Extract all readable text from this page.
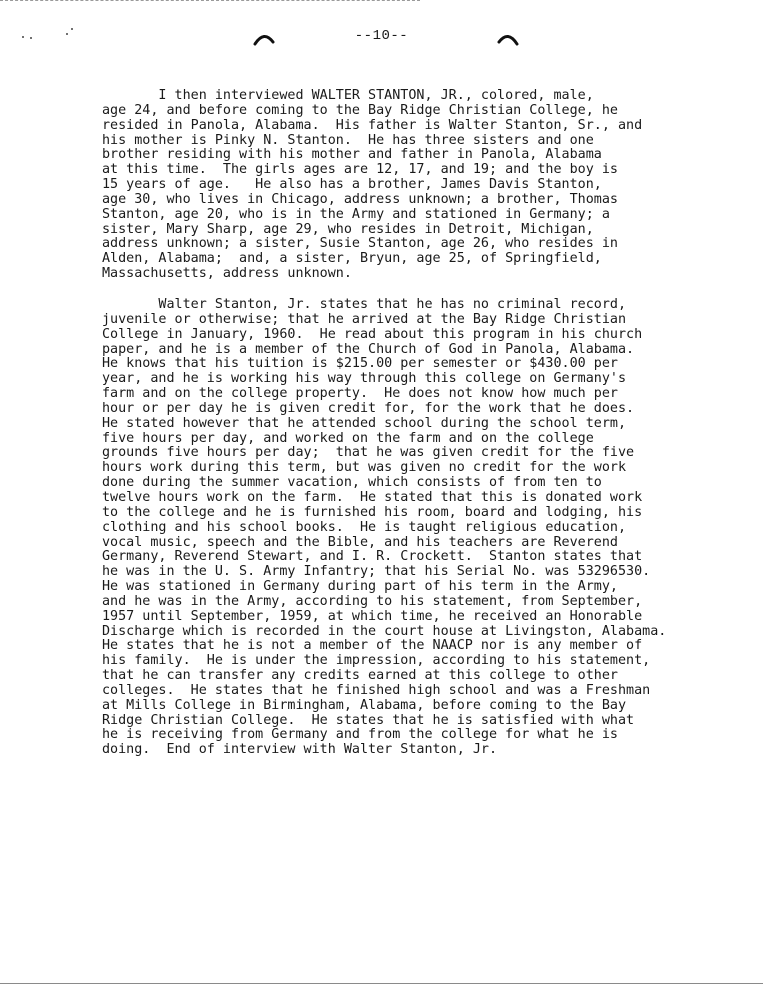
--10--
I then interviewed WALTER STANTON, JR., colored, male,
age 24, and before coming to the Bay Ridge Christian College, he
resided in Panola, Alabama.  His father is Walter Stanton, Sr., and
his mother is Pinky N. Stanton.  He has three sisters and one
brother residing with his mother and father in Panola, Alabama
at this time.  The girls ages are 12, 17, and 19; and the boy is
15 years of age.   He also has a brother, James Davis Stanton,
age 30, who lives in Chicago, address unknown; a brother, Thomas
Stanton, age 20, who is in the Army and stationed in Germany; a
sister, Mary Sharp, age 29, who resides in Detroit, Michigan,
address unknown; a sister, Susie Stanton, age 26, who resides in
Alden, Alabama;  and, a sister, Bryun, age 25, of Springfield,
Massachusetts, address unknown.
Walter Stanton, Jr. states that he has no criminal record,
juvenile or otherwise; that he arrived at the Bay Ridge Christian
College in January, 1960.  He read about this program in his church
paper, and he is a member of the Church of God in Panola, Alabama.
He knows that his tuition is $215.00 per semester or $430.00 per
year, and he is working his way through this college on Germany's
farm and on the college property.  He does not know how much per
hour or per day he is given credit for, for the work that he does.
He stated however that he attended school during the school term,
five hours per day, and worked on the farm and on the college
grounds five hours per day;  that he was given credit for the five
hours work during this term, but was given no credit for the work
done during the summer vacation, which consists of from ten to
twelve hours work on the farm.  He stated that this is donated work
to the college and he is furnished his room, board and lodging, his
clothing and his school books.  He is taught religious education,
vocal music, speech and the Bible, and his teachers are Reverend
Germany, Reverend Stewart, and I. R. Crockett.  Stanton states that
he was in the U. S. Army Infantry; that his Serial No. was 53296530.
He was stationed in Germany during part of his term in the Army,
and he was in the Army, according to his statement, from September,
1957 until September, 1959, at which time, he received an Honorable
Discharge which is recorded in the court house at Livingston, Alabama.
He states that he is not a member of the NAACP nor is any member of
his family.  He is under the impression, according to his statement,
that he can transfer any credits earned at this college to other
colleges.  He states that he finished high school and was a Freshman
at Mills College in Birmingham, Alabama, before coming to the Bay
Ridge Christian College.  He states that he is satisfied with what
he is receiving from Germany and from the college for what he is
doing.  End of interview with Walter Stanton, Jr.
